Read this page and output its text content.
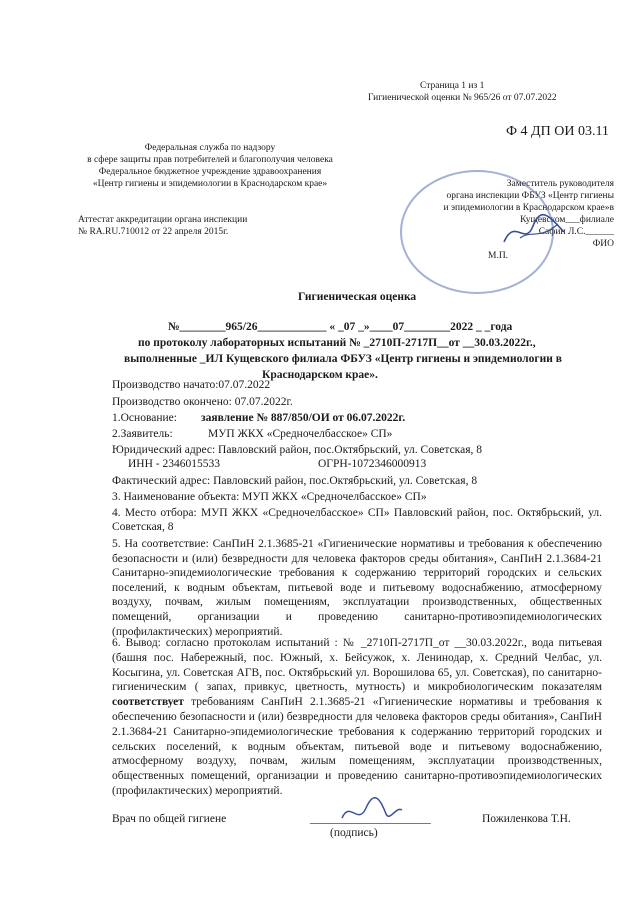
Страница 1 из 1
Гигиенической оценки № 965/26 от 07.07.2022
Ф 4 ДП ОИ 03.11
Федеральная служба по надзору
в сфере защиты прав потребителей и благополучия человека
Федеральное бюджетное учреждение здравоохранения
«Центр гигиены и эпидемиологии в Краснодарском крае»	Заместитель руководителя
органа инспекции ФБУЗ «Центр гигиены
и эпидемиологии в Краснодарском крае»в
Кущевском___филиале
Сафин Л.С.______
ФИО
М.П.
Аттестат аккредитации органа инспекции
№ RA.RU.710012 от 22 апреля 2015г.
Гигиеническая оценка
№________965/26____________ « _07 _»____07________2022 _ _года
по протоколу лабораторных испытаний № _2710П-2717П__от __30.03.2022г.,
выполненные _ИЛ Кущевского филиала ФБУЗ «Центр гигиены и эпидемиологии в
Краснодарском крае».
Производство начато:07.07.2022
Производство окончено: 07.07.2022г.
1.Основание: заявление № 887/850/ОИ от 06.07.2022г.
2.Заявитель:	МУП ЖКХ «Средночелбасское» СП»
Юридический адрес: Павловский район, пос.Октябрьский, ул. Советская, 8
ИНН - 2346015533	ОГРН-1072346000913
Фактический адрес: Павловский район, пос.Октябрьский, ул. Советская, 8
3. Наименование объекта: МУП ЖКХ «Средночелбасское» СП»
4. Место отбора: МУП ЖКХ «Средночелбасское» СП» Павловский район, пос. Октябрьский, ул. Советская, 8
5. На соответствие: СанПиН 2.1.3685-21 «Гигиенические нормативы и требования к обеспечению безопасности и (или) безвредности для человека факторов среды обитания», СанПиН 2.1.3684-21 Санитарно-эпидемиологические требования к содержанию территорий городских и сельских поселений, к водным объектам, питьевой воде и питьевому водоснабжению, атмосферному воздуху, почвам, жилым помещениям, эксплуатации производственных, общественных помещений, организации и проведению санитарно-противоэпидемиологических (профилактических) мероприятий.
6. Вывод: согласно протоколам испытаний : № _2710П-2717П_от __30.03.2022г., вода питьевая (башня пос. Набережный, пос. Южный, х. Бейсужок, х. Ленинодар, х. Средний Челбас, ул. Косыгина, ул. Советская АГВ, пос. Октябрьский ул. Ворошилова 65, ул. Советская), по санитарно-гигиеническим ( запах, привкус, цветность, мутность) и микробиологическим показателям соответствует требованиям СанПиН 2.1.3685-21 «Гигиенические нормативы и требования к обеспечению безопасности и (или) безвредности для человека факторов среды обитания», СанПиН 2.1.3684-21 Санитарно-эпидемиологические требования к содержанию территорий городских и сельских поселений, к водным объектам, питьевой воде и питьевому водоснабжению, атмосферному воздуху, почвам, жилым помещениям, эксплуатации производственных, общественных помещений, организации и проведению санитарно-противоэпидемиологических (профилактических) мероприятий.
Врач по общей гигиене	_____________________
(подпись)
Пожиленкова Т.Н.
